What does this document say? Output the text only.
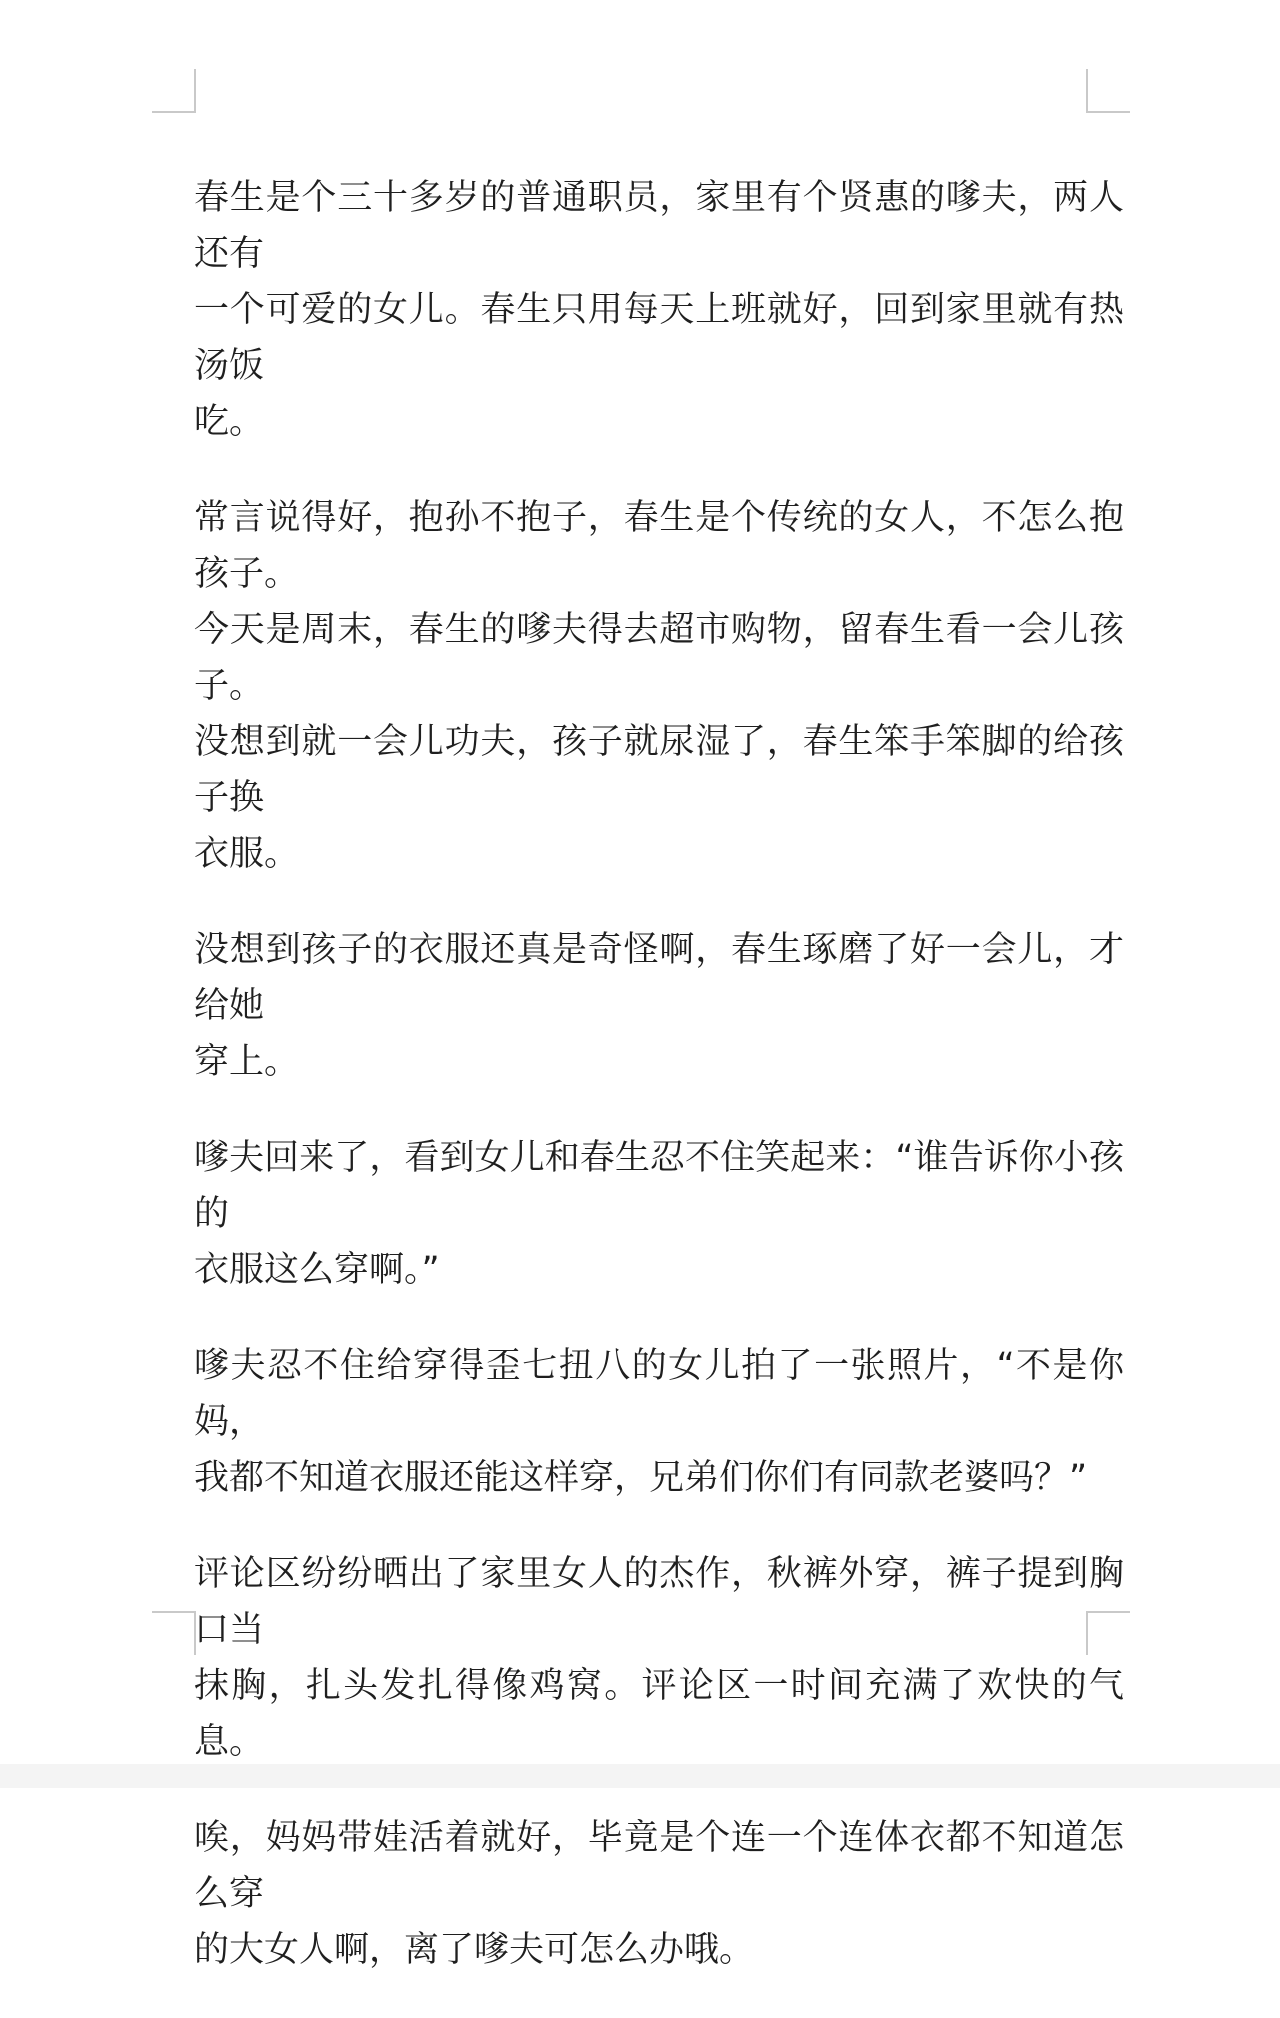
春生是个三十多岁的普通职员，家里有个贤惠的嗲夫，两人还有
一个可爱的女儿。春生只用每天上班就好，回到家里就有热汤饭
吃。

常言说得好，抱孙不抱子，春生是个传统的女人，不怎么抱孩子。
今天是周末，春生的嗲夫得去超市购物，留春生看一会儿孩子。
没想到就一会儿功夫，孩子就尿湿了，春生笨手笨脚的给孩子换
衣服。

没想到孩子的衣服还真是奇怪啊，春生琢磨了好一会儿，才给她
穿上。

嗲夫回来了，看到女儿和春生忍不住笑起来：“谁告诉你小孩的
衣服这么穿啊。”

嗲夫忍不住给穿得歪七扭八的女儿拍了一张照片，“不是你妈，
我都不知道衣服还能这样穿，兄弟们你们有同款老婆吗？”

评论区纷纷晒出了家里女人的杰作，秋裤外穿，裤子提到胸口当
抹胸，扎头发扎得像鸡窝。评论区一时间充满了欢快的气息。

唉，妈妈带娃活着就好，毕竟是个连一个连体衣都不知道怎么穿
的大女人啊，离了嗲夫可怎么办哦。
